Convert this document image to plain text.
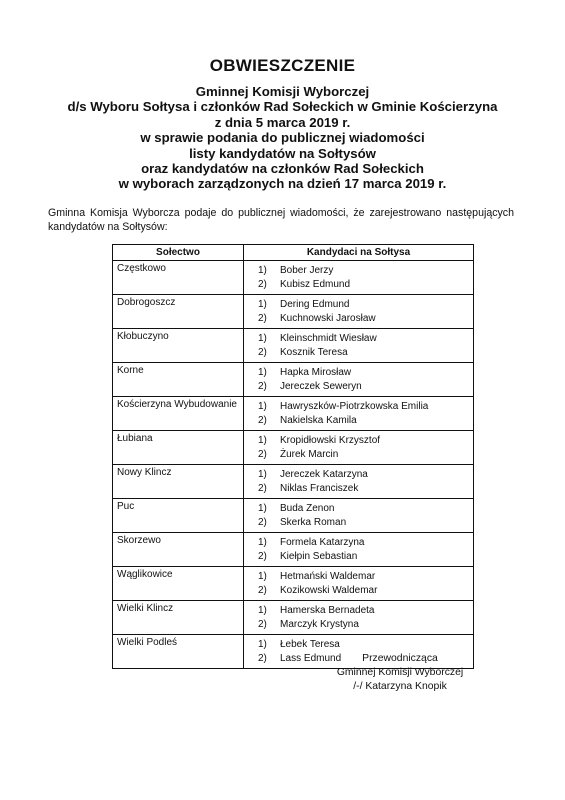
OBWIESZCZENIE
Gminnej Komisji Wyborczej
d/s Wyboru Sołtysa i członków Rad Sołeckich w Gminie Kościerzyna
z dnia 5 marca 2019 r.
w sprawie podania do publicznej wiadomości
listy kandydatów na Sołtysów
oraz kandydatów na członków Rad Sołeckich
w wyborach zarządzonych na dzień 17 marca 2019 r.
Gminna Komisja Wyborcza podaje do publicznej wiadomości, że zarejestrowano następujących kandydatów na Sołtysów:
Sołectwo	Kandydaci na Sołtysa
Częstkowo	1) Bober Jerzy
2) Kubisz Edmund

Dobrogoszcz	1) Dering Edmund
2) Kuchnowski Jarosław

Kłobuczyno	1) Kleinschmidt Wiesław
2) Kosznik Teresa

Korne	1) Hapka Mirosław
2) Jereczek Seweryn

Kościerzyna Wybudowanie	1) Hawryszków-Piotrzkowska Emilia
2) Nakielska Kamila

Łubiana	1) Kropidłowski Krzysztof
2) Żurek Marcin

Nowy Klincz	1) Jereczek Katarzyna
2) Niklas Franciszek

Puc	1) Buda Zenon
2) Skerka Roman

Skorzewo	1) Formela Katarzyna
2) Kiełpin Sebastian

Wąglikowice	1) Hetmański Waldemar
2) Kozikowski Waldemar

Wielki Klincz	1) Hamerska Bernadeta
2) Marczyk Krystyna

Wielki Podleś	1) Łebek Teresa
2) Lass Edmund	Przewodnicząca
Gminnej Komisji Wyborczej
/-/ Katarzyna Knopik
